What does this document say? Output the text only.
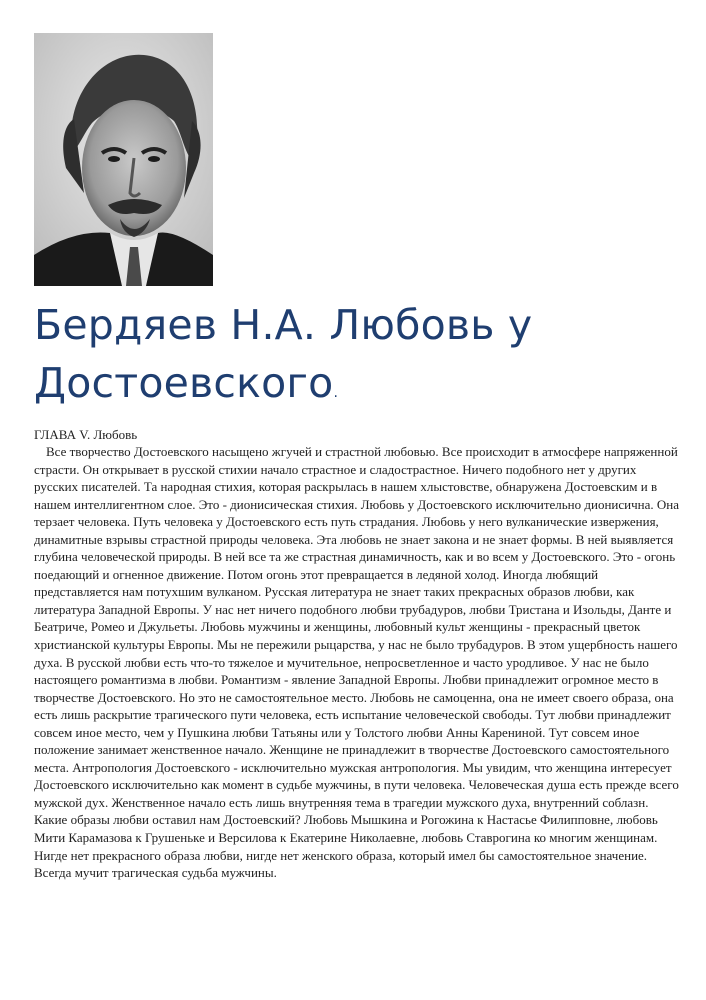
Бердяев Н.А. Любовь у Достоевского.

ГЛАВА V. Любовь

Все творчество Достоевского насыщено жгучей и страстной любовью. Все происходит в атмосфере напряженной страсти. Он открывает в русской стихии начало страстное и сладострастное. Ничего подобного нет у других русских писателей. Та народная стихия, которая раскрылась в нашем хлыстовстве, обнаружена Достоевским и в нашем интеллигентном слое. Это - дионисическая стихия. Любовь у Достоевского исключительно дионисична. Она терзает человека. Путь человека у Достоевского есть путь страдания. Любовь у него вулканические извержения, динамитные взрывы страстной природы человека. Эта любовь не знает закона и не знает формы. В ней выявляется глубина человеческой природы. В ней все та же страстная динамичность, как и во всем у Достоевского. Это - огонь поедающий и огненное движение. Потом огонь этот превращается в ледяной холод. Иногда любящий представляется нам потухшим вулканом. Русская литература не знает таких прекрасных образов любви, как литература Западной Европы. У нас нет ничего подобного любви трубадуров, любви Тристана и Изольды, Данте и Беатриче, Ромео и Джульеты. Любовь мужчины и женщины, любовный культ женщины - прекрасный цветок христианской культуры Европы. Мы не пережили рыцарства, у нас не было трубадуров. В этом ущербность нашего духа. В русской любви есть что-то тяжелое и мучительное, непросветленное и часто уродливое. У нас не было настоящего романтизма в любви. Романтизм - явление Западной Европы. Любви принадлежит огромное место в творчестве Достоевского. Но это не самостоятельное место. Любовь не самоценна, она не имеет своего образа, она есть лишь раскрытие трагического пути человека, есть испытание человеческой свободы. Тут любви принадлежит совсем иное место, чем у Пушкина любви Татьяны или у Толстого любви Анны Карениной. Тут совсем иное положение занимает женственное начало. Женщине не принадлежит в творчестве Достоевского самостоятельного места. Антропология Достоевского - исключительно мужская антропология. Мы увидим, что женщина интересует Достоевского исключительно как момент в судьбе мужчины, в пути человека. Человеческая душа есть прежде всего мужской дух. Женственное начало есть лишь внутренняя тема в трагедии мужского духа, внутренний соблазн. Какие образы любви оставил нам Достоевский? Любовь Мышкина и Рогожина к Настасье Филипповне, любовь Мити Карамазова к Грушеньке и Версилова к Екатерине Николаевне, любовь Ставрогина ко многим женщинам. Нигде нет прекрасного образа любви, нигде нет женского образа, который имел бы самостоятельное значение. Всегда мучит трагическая судьба мужчины.
